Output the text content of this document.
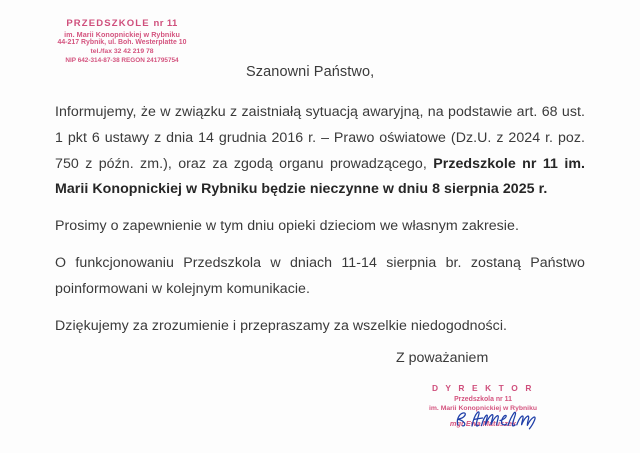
PRZEDSZKOLE nr 11
im. Marii Konopnickiej w Rybniku
44-217 Rybnik, ul. Boh. Westerplatte 10
tel./fax 32 42 219 78
NIP 642-314-87-38 REGON 241795754
Szanowni Państwo,

Informujemy, że w związku z zaistniałą sytuacją awaryjną, na podstawie art. 68 ust. 1 pkt 6 ustawy z dnia 14 grudnia 2016 r. – Prawo oświatowe (Dz.U. z 2024 r. poz. 750 z późn. zm.), oraz za zgodą organu prowadzącego, Przedszkole nr 11 im. Marii Konopnickiej w Rybniku będzie nieczynne w dniu 8 sierpnia 2025 r.

Prosimy o zapewnienie w tym dniu opieki dzieciom we własnym zakresie.

O funkcjonowaniu Przedszkola w dniach 11-14 sierpnia br. zostaną Państwo poinformowani w kolejnym komunikacie.

Dziękujemy za zrozumienie i przepraszamy za wszelkie niedogodności.

Z poważaniem
D Y R E K T O R
Przedszkola nr 11
im. Marii Konopnickiej w Rybniku
mgr Ewa Matuszek
